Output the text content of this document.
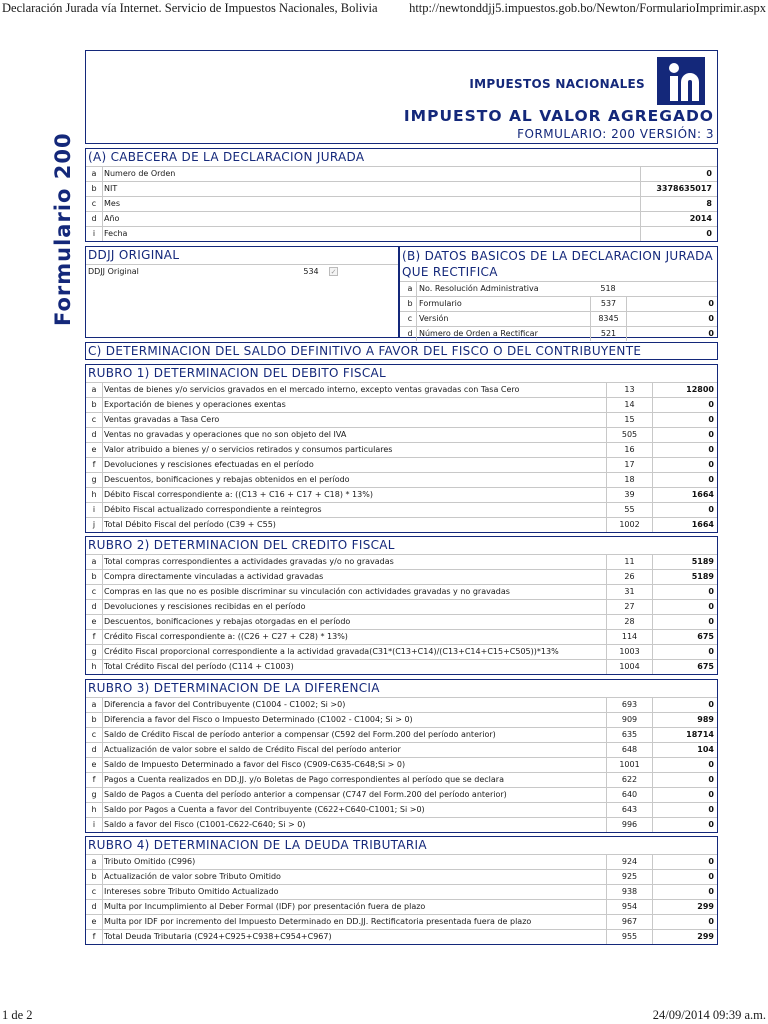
Declaración Jurada vía Internet. Servicio de Impuestos Nacionales, Bolivia	http://newtonddjj5.impuestos.gob.bo/Newton/FormularioImprimir.aspx
Formulario 200
IMPUESTOS NACIONALES
IMPUESTO AL VALOR AGREGADO
FORMULARIO: 200 VERSIÓN: 3
(A) CABECERA DE LA DECLARACION JURADA
a Numero de Orden	0
b NIT	3378635017
c Mes	8
d Año	2014
i	Fecha	0
DDJJ ORIGINAL
DDJJ Original	534	✓
(B) DATOS BASICOS DE LA DECLARACION JURADA QUE RECTIFICA
a No. Resolución Administrativa	518
b Formulario	537	0
c Versión	8345	0
d Número de Orden a Rectificar	521	0
C) DETERMINACION DEL SALDO DEFINITIVO A FAVOR DEL FISCO O DEL CONTRIBUYENTE
RUBRO 1) DETERMINACION DEL DEBITO FISCAL
a Ventas de bienes y/o servicios gravados en el mercado interno, excepto ventas gravadas con Tasa Cero	13	12800
b Exportación de bienes y operaciones exentas	14	0
c Ventas gravadas a Tasa Cero	15	0
d Ventas no gravadas y operaciones que no son objeto del IVA	505	0
e Valor atribuido a bienes y/ o servicios retirados y consumos particulares	16	0
f	Devoluciones y rescisiones efectuadas en el período	17	0
g Descuentos, bonificaciones y rebajas obtenidos en el período	18	0
h Débito Fiscal correspondiente a: ((C13 + C16 + C17 + C18) * 13%)	39	1664
i	Débito Fiscal actualizado correspondiente a reintegros	55	0
j	Total Débito Fiscal del período (C39 + C55)	1002	1664
RUBRO 2) DETERMINACION DEL CREDITO FISCAL
a Total compras correspondientes a actividades gravadas y/o no gravadas	11	5189
b Compra directamente vinculadas a actividad gravadas	26	5189
c Compras en las que no es posible discriminar su vinculación con actividades gravadas y no gravadas	31	0
d Devoluciones y rescisiones recibidas en el período	27	0
e Descuentos, bonificaciones y rebajas otorgadas en el período	28	0
f	Crédito Fiscal correspondiente a: ((C26 + C27 + C28) * 13%)	114	675
g Crédito Fiscal proporcional correspondiente a la actividad gravada(C31*(C13+C14)/(C13+C14+C15+C505))*13%	1003	0
h Total Crédito Fiscal del período (C114 + C1003)	1004	675
RUBRO 3) DETERMINACION DE LA DIFERENCIA
a Diferencia a favor del Contribuyente (C1004 - C1002; Si >0)	693	0
b Diferencia a favor del Fisco o Impuesto Determinado (C1002 - C1004; Si > 0)	909	989
c Saldo de Crédito Fiscal de período anterior a compensar (C592 del Form.200 del período anterior)	635	18714
d Actualización de valor sobre el saldo de Crédito Fiscal del período anterior	648	104
e Saldo de Impuesto Determinado a favor del Fisco (C909-C635-C648;Si > 0)	1001	0
f	Pagos a Cuenta realizados en DD.JJ. y/o Boletas de Pago correspondientes al período que se declara	622	0
g Saldo de Pagos a Cuenta del período anterior a compensar (C747 del Form.200 del período anterior)	640	0
h Saldo por Pagos a Cuenta a favor del Contribuyente (C622+C640-C1001; Si >0)	643	0
i	Saldo a favor del Fisco (C1001-C622-C640; Si > 0)	996	0
RUBRO 4) DETERMINACION DE LA DEUDA TRIBUTARIA
a Tributo Omitido (C996)	924	0
b Actualización de valor sobre Tributo Omitido	925	0
c Intereses sobre Tributo Omitido Actualizado	938	0
d Multa por Incumplimiento al Deber Formal (IDF) por presentación fuera de plazo	954	299
e Multa por IDF por incremento del Impuesto Determinado en DD.JJ. Rectificatoria presentada fuera de plazo	967	0
f	Total Deuda Tributaria (C924+C925+C938+C954+C967)	955	299
1 de 2	24/09/2014 09:39 a.m.
